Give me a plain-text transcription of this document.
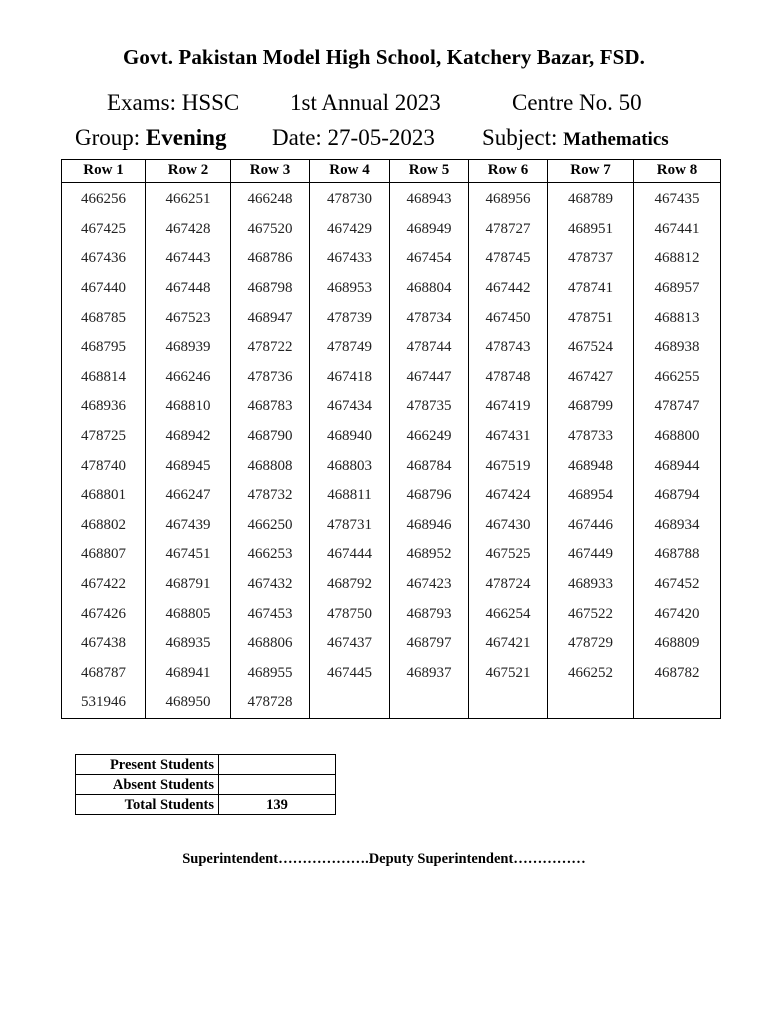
Govt. Pakistan Model High School, Katchery Bazar, FSD.
Exams: HSSC 1st Annual 2023	Centre No. 50
Group: Evening Date: 27-05-2023 Subject: Mathematics
Row 1	Row 2	Row 3	Row 4	Row 5	Row 6	Row 7	Row 8
466256	466251	466248	478730	468943	468956	468789	467435
467425	467428	467520	467429	468949	478727	468951	467441
467436	467443	468786	467433	467454	478745	478737	468812
467440	467448	468798	468953	468804	467442	478741	468957
468785	467523	468947	478739	478734	467450	478751	468813
468795	468939	478722	478749	478744	478743	467524	468938
468814	466246	478736	467418	467447	478748	467427	466255
468936	468810	468783	467434	478735	467419	468799	478747
478725	468942	468790	468940	466249	467431	478733	468800
478740	468945	468808	468803	468784	467519	468948	468944
468801	466247	478732	468811	468796	467424	468954	468794
468802	467439	466250	478731	468946	467430	467446	468934
468807	467451	466253	467444	468952	467525	467449	468788
467422	468791	467432	468792	467423	478724	468933	467452
467426	468805	467453	478750	468793	466254	467522	467420
467438	468935	468806	467437	468797	467421	478729	468809
468787	468941	468955	467445	468937	467521	466252	468782
531946	468950	478728					
Present Students	
Absent Students	
Total Students	139
Superintendent……………….Deputy Superintendent……………
